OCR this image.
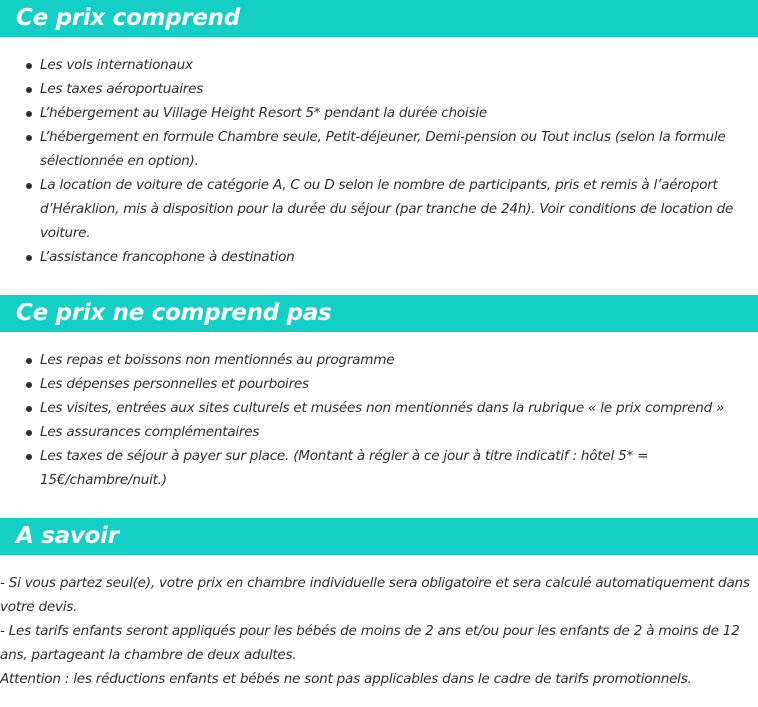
Ce prix comprend
Les vols internationaux
Les taxes aéroportuaires
L’hébergement au Village Height Resort 5* pendant la durée choisie
L’hébergement en formule Chambre seule, Petit-déjeuner, Demi-pension ou Tout inclus (selon la formule sélectionnée en option).
La location de voiture de catégorie A, C ou D selon le nombre de participants, pris et remis à l’aéroport d’Héraklion, mis à disposition pour la durée du séjour (par tranche de 24h). Voir conditions de location de voiture.
L’assistance francophone à destination
Ce prix ne comprend pas
Les repas et boissons non mentionnés au programme
Les dépenses personnelles et pourboires
Les visites, entrées aux sites culturels et musées non mentionnés dans la rubrique « le prix comprend »
Les assurances complémentaires
Les taxes de séjour à payer sur place. (Montant à régler à ce jour à titre indicatif : hôtel 5* = 15€/chambre/nuit.)
A savoir

- Si vous partez seul(e), votre prix en chambre individuelle sera obligatoire et sera calculé automatiquement dans votre devis.

- Les tarifs enfants seront appliqués pour les bébés de moins de 2 ans et/ou pour les enfants de 2 à moins de 12 ans, partageant la chambre de deux adultes.

Attention : les réductions enfants et bébés ne sont pas applicables dans le cadre de tarifs promotionnels.
